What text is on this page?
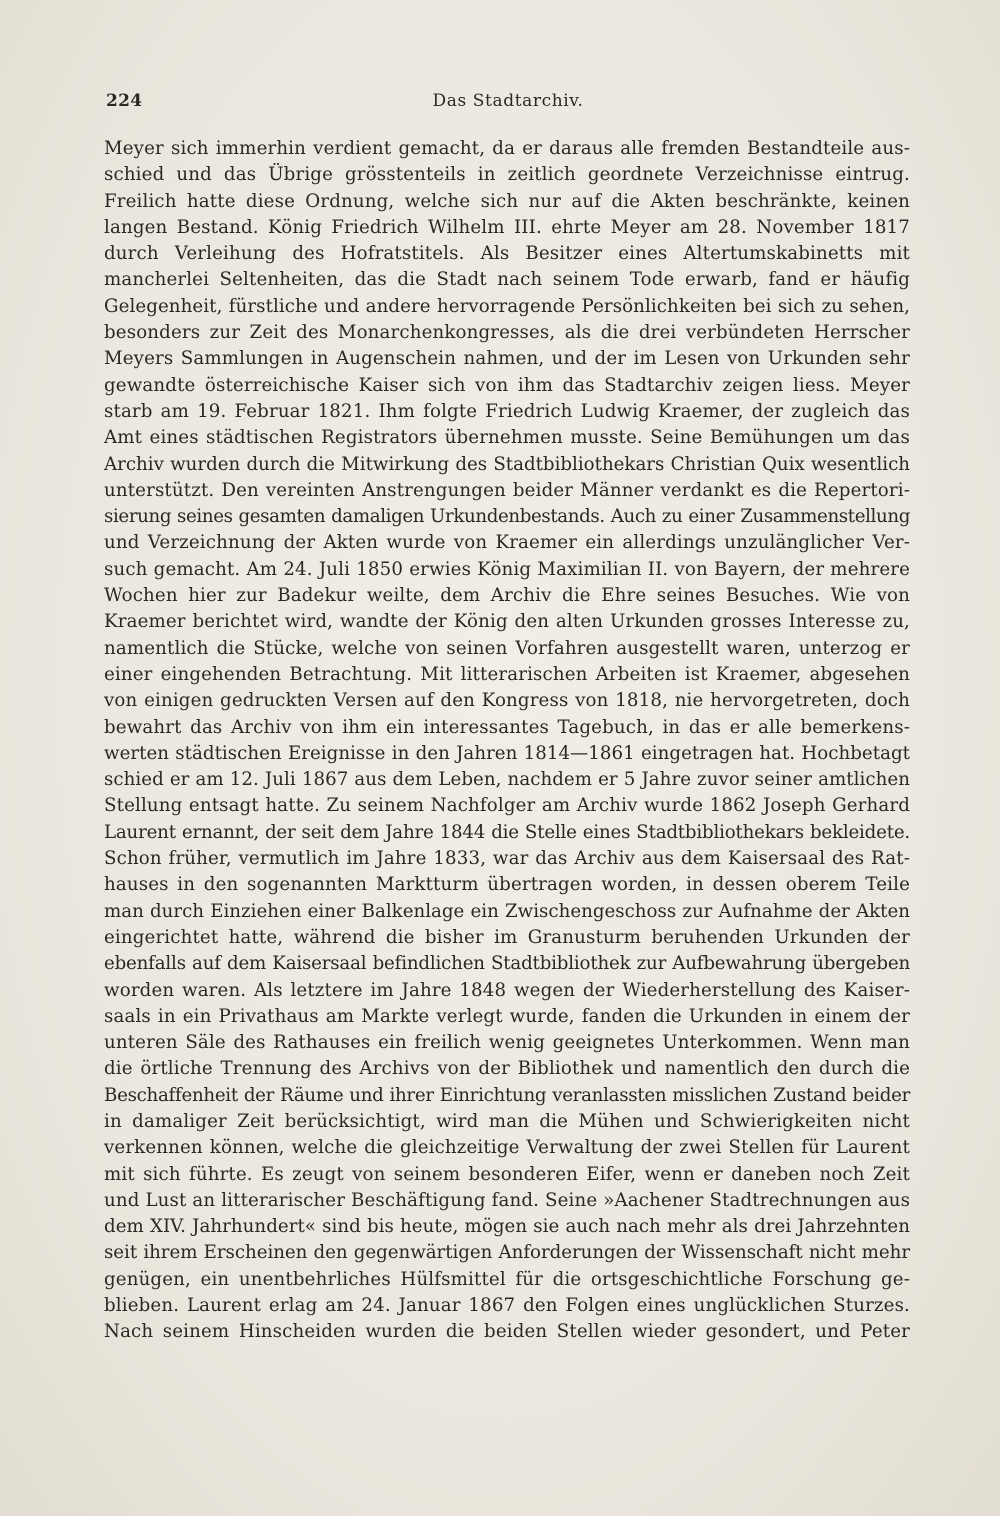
224	Das Stadtarchiv.
Meyer sich immerhin verdient gemacht, da er daraus alle fremden Bestandteile aus-
schied und das Übrige grösstenteils in zeitlich geordnete Verzeichnisse eintrug.
Freilich hatte diese Ordnung, welche sich nur auf die Akten beschränkte, keinen
langen Bestand. König Friedrich Wilhelm III. ehrte Meyer am 28. November 1817
durch Verleihung des Hofratstitels. Als Besitzer eines Altertumskabinetts mit
mancherlei Seltenheiten, das die Stadt nach seinem Tode erwarb, fand er häufig
Gelegenheit, fürstliche und andere hervorragende Persönlichkeiten bei sich zu sehen,
besonders zur Zeit des Monarchenkongresses, als die drei verbündeten Herrscher
Meyers Sammlungen in Augenschein nahmen, und der im Lesen von Urkunden sehr
gewandte österreichische Kaiser sich von ihm das Stadtarchiv zeigen liess. Meyer
starb am 19. Februar 1821. Ihm folgte Friedrich Ludwig Kraemer, der zugleich das
Amt eines städtischen Registrators übernehmen musste. Seine Bemühungen um das
Archiv wurden durch die Mitwirkung des Stadtbibliothekars Christian Quix wesentlich
unterstützt. Den vereinten Anstrengungen beider Männer verdankt es die Repertori-
sierung seines gesamten damaligen Urkundenbestands. Auch zu einer Zusammenstellung
und Verzeichnung der Akten wurde von Kraemer ein allerdings unzulänglicher Ver-
such gemacht. Am 24. Juli 1850 erwies König Maximilian II. von Bayern, der mehrere
Wochen hier zur Badekur weilte, dem Archiv die Ehre seines Besuches. Wie von
Kraemer berichtet wird, wandte der König den alten Urkunden grosses Interesse zu,
namentlich die Stücke, welche von seinen Vorfahren ausgestellt waren, unterzog er
einer eingehenden Betrachtung. Mit litterarischen Arbeiten ist Kraemer, abgesehen
von einigen gedruckten Versen auf den Kongress von 1818, nie hervorgetreten, doch
bewahrt das Archiv von ihm ein interessantes Tagebuch, in das er alle bemerkens-
werten städtischen Ereignisse in den Jahren 1814—1861 eingetragen hat. Hochbetagt
schied er am 12. Juli 1867 aus dem Leben, nachdem er 5 Jahre zuvor seiner amtlichen
Stellung entsagt hatte. Zu seinem Nachfolger am Archiv wurde 1862 Joseph Gerhard
Laurent ernannt, der seit dem Jahre 1844 die Stelle eines Stadtbibliothekars bekleidete.
Schon früher, vermutlich im Jahre 1833, war das Archiv aus dem Kaisersaal des Rat-
hauses in den sogenannten Marktturm übertragen worden, in dessen oberem Teile
man durch Einziehen einer Balkenlage ein Zwischengeschoss zur Aufnahme der Akten
eingerichtet hatte, während die bisher im Granusturm beruhenden Urkunden der
ebenfalls auf dem Kaisersaal befindlichen Stadtbibliothek zur Aufbewahrung übergeben
worden waren. Als letztere im Jahre 1848 wegen der Wiederherstellung des Kaiser-
saals in ein Privathaus am Markte verlegt wurde, fanden die Urkunden in einem der
unteren Säle des Rathauses ein freilich wenig geeignetes Unterkommen. Wenn man
die örtliche Trennung des Archivs von der Bibliothek und namentlich den durch die
Beschaffenheit der Räume und ihrer Einrichtung veranlassten misslichen Zustand beider
in damaliger Zeit berücksichtigt, wird man die Mühen und Schwierigkeiten nicht
verkennen können, welche die gleichzeitige Verwaltung der zwei Stellen für Laurent
mit sich führte. Es zeugt von seinem besonderen Eifer, wenn er daneben noch Zeit
und Lust an litterarischer Beschäftigung fand. Seine »Aachener Stadtrechnungen aus
dem XIV. Jahrhundert« sind bis heute, mögen sie auch nach mehr als drei Jahrzehnten
seit ihrem Erscheinen den gegenwärtigen Anforderungen der Wissenschaft nicht mehr
genügen, ein unentbehrliches Hülfsmittel für die ortsgeschichtliche Forschung ge-
blieben. Laurent erlag am 24. Januar 1867 den Folgen eines unglücklichen Sturzes.
Nach seinem Hinscheiden wurden die beiden Stellen wieder gesondert, und Peter
